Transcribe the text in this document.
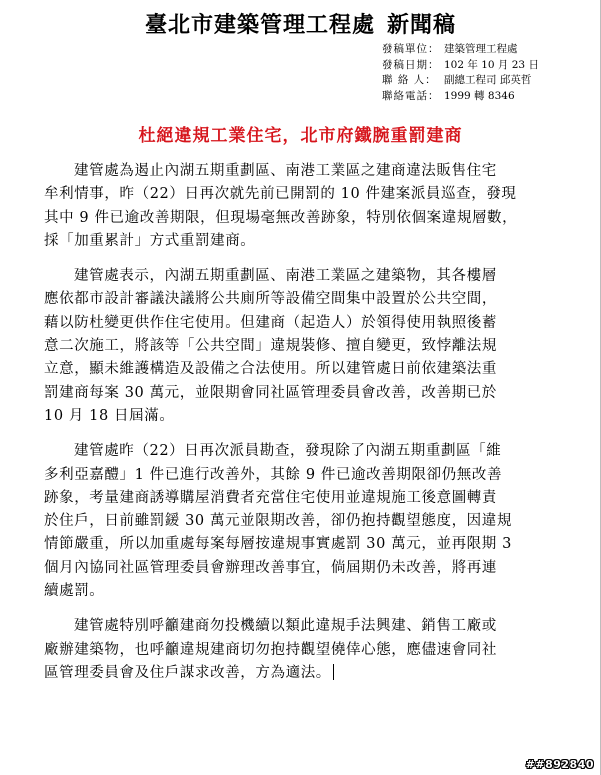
臺北市建築管理工程處 新聞稿
發稿單位： 建築管理工程處
發稿日期： 102 年 10 月 23 日
聯 絡 人： 副總工程司 邱英哲
聯絡電話： 1999 轉 8346
杜絕違規工業住宅，北市府鐵腕重罰建商

建管處為遏止內湖五期重劃區、南港工業區之建商違法販售住宅
牟利情事，昨（22）日再次就先前已開罰的 10 件建案派員巡查，發現
其中 9 件已逾改善期限，但現場毫無改善跡象，特別依個案違規層數，
採「加重累計」方式重罰建商。

建管處表示，內湖五期重劃區、南港工業區之建築物，其各樓層
應依都市設計審議決議將公共廁所等設備空間集中設置於公共空間，
藉以防杜變更供作住宅使用。但建商（起造人）於領得使用執照後蓄
意二次施工，將該等「公共空間」違規裝修、擅自變更，致悖離法規
立意，顯未維護構造及設備之合法使用。所以建管處日前依建築法重
罰建商每案 30 萬元，並限期會同社區管理委員會改善，改善期已於
10 月 18 日屆滿。

建管處昨（22）日再次派員勘查，發現除了內湖五期重劃區「維
多利亞嘉醴」1 件已進行改善外，其餘 9 件已逾改善期限卻仍無改善
跡象，考量建商誘導購屋消費者充當住宅使用並違規施工後意圖轉責
於住戶，日前雖罰鍰 30 萬元並限期改善，卻仍抱持觀望態度，因違規
情節嚴重，所以加重處每案每層按違規事實處罰 30 萬元，並再限期 3
個月內協同社區管理委員會辦理改善事宜，倘屆期仍未改善，將再連
續處罰。

建管處特別呼籲建商勿投機續以類此違規手法興建、銷售工廠或
廠辦建築物，也呼籲違規建商切勿抱持觀望僥倖心態，應儘速會同社
區管理委員會及住戶謀求改善，方為適法。

##892840
